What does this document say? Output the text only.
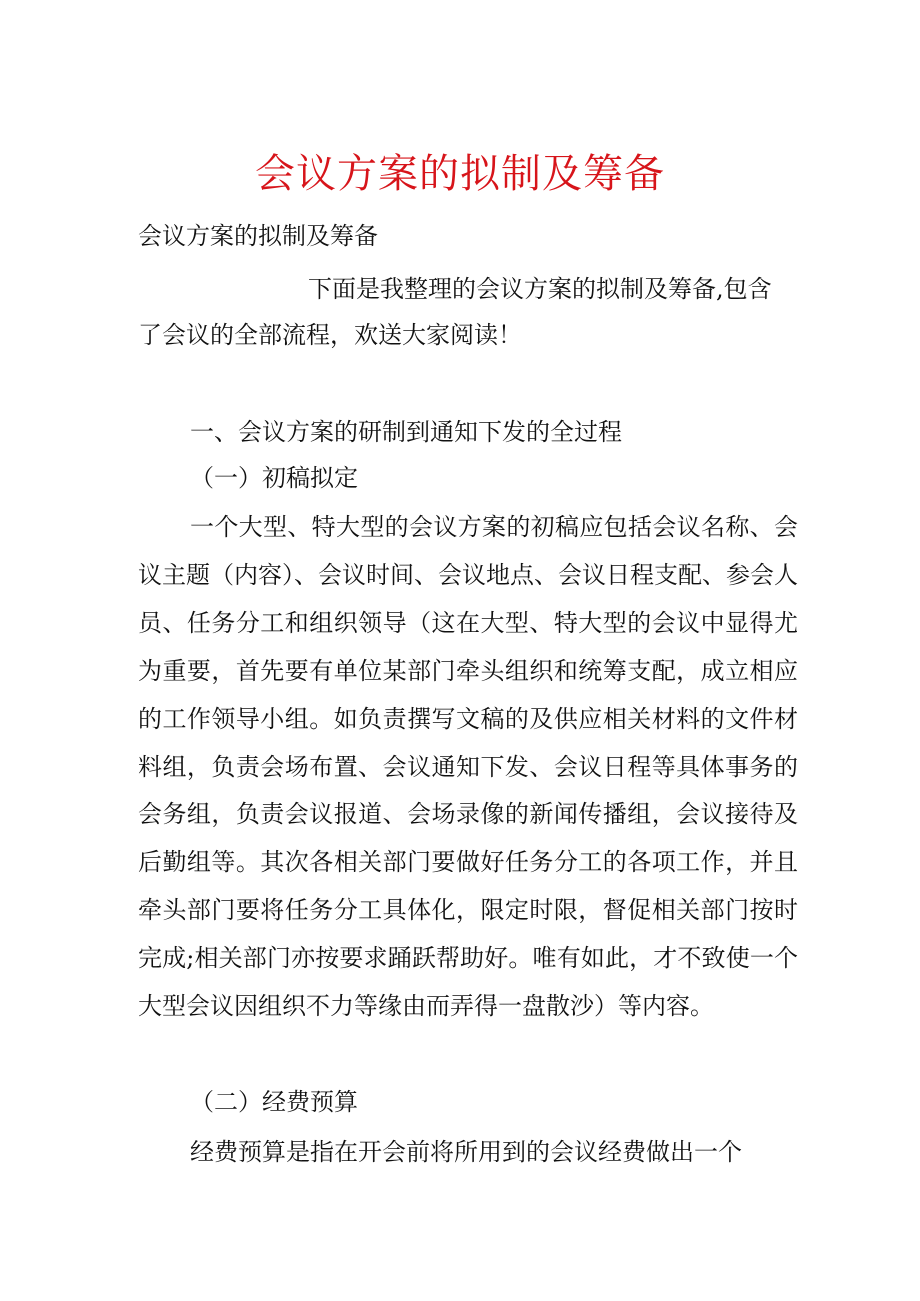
会议方案的拟制及筹备

会议方案的拟制及筹备

下面是我整理的会议方案的拟制及筹备,包含了会议的全部流程，欢送大家阅读！

一、会议方案的研制到通知下发的全过程

（一）初稿拟定

一个大型、特大型的会议方案的初稿应包括会议名称、会议主题（内容）、会议时间、会议地点、会议日程支配、参会人员、任务分工和组织领导（这在大型、特大型的会议中显得尤为重要，首先要有单位某部门牵头组织和统筹支配，成立相应的工作领导小组。如负责撰写文稿的及供应相关材料的文件材料组，负责会场布置、会议通知下发、会议日程等具体事务的会务组，负责会议报道、会场录像的新闻传播组，会议接待及后勤组等。其次各相关部门要做好任务分工的各项工作，并且牵头部门要将任务分工具体化，限定时限，督促相关部门按时完成;相关部门亦按要求踊跃帮助好。唯有如此，才不致使一个大型会议因组织不力等缘由而弄得一盘散沙）等内容。

（二）经费预算

经费预算是指在开会前将所用到的会议经费做出一个
